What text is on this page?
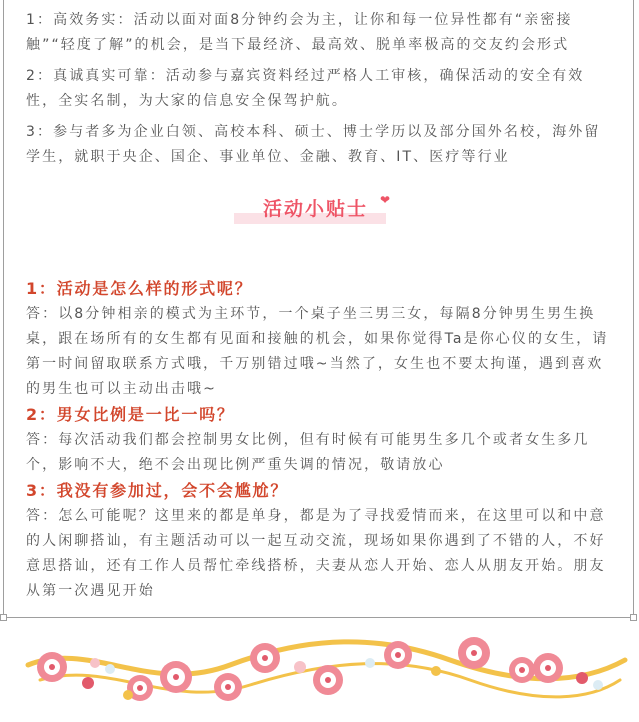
1：高效务实：活动以面对面8分钟约会为主，让你和每一位异性都有“亲密接触”“轻度了解”的机会，是当下最经济、最高效、脱单率极高的交友约会形式

2：真诚真实可靠：活动参与嘉宾资料经过严格人工审核，确保活动的安全有效性，全实名制，为大家的信息安全保驾护航。

3：参与者多为企业白领、高校本科、硕士、博士学历以及部分国外名校，海外留学生，就职于央企、国企、事业单位、金融、教育、IT、医疗等行业

活动小贴士	❤

1：活动是怎么样的形式呢？

答：以8分钟相亲的模式为主环节，一个桌子坐三男三女，每隔8分钟男生男生换桌，跟在场所有的女生都有见面和接触的机会，如果你觉得Ta是你心仪的女生，请第一时间留取联系方式哦，千万别错过哦~当然了，女生也不要太拘谨，遇到喜欢的男生也可以主动出击哦~

2：男女比例是一比一吗？

答：每次活动我们都会控制男女比例，但有时候有可能男生多几个或者女生多几个，影响不大，绝不会出现比例严重失调的情况，敬请放心

3：我没有参加过，会不会尴尬？

答：怎么可能呢？这里来的都是单身，都是为了寻找爱情而来，在这里可以和中意的人闲聊搭讪，有主题活动可以一起互动交流，现场如果你遇到了不错的人，不好意思搭讪，还有工作人员帮忙牵线搭桥，夫妻从恋人开始、恋人从朋友开始。朋友从第一次遇见开始
